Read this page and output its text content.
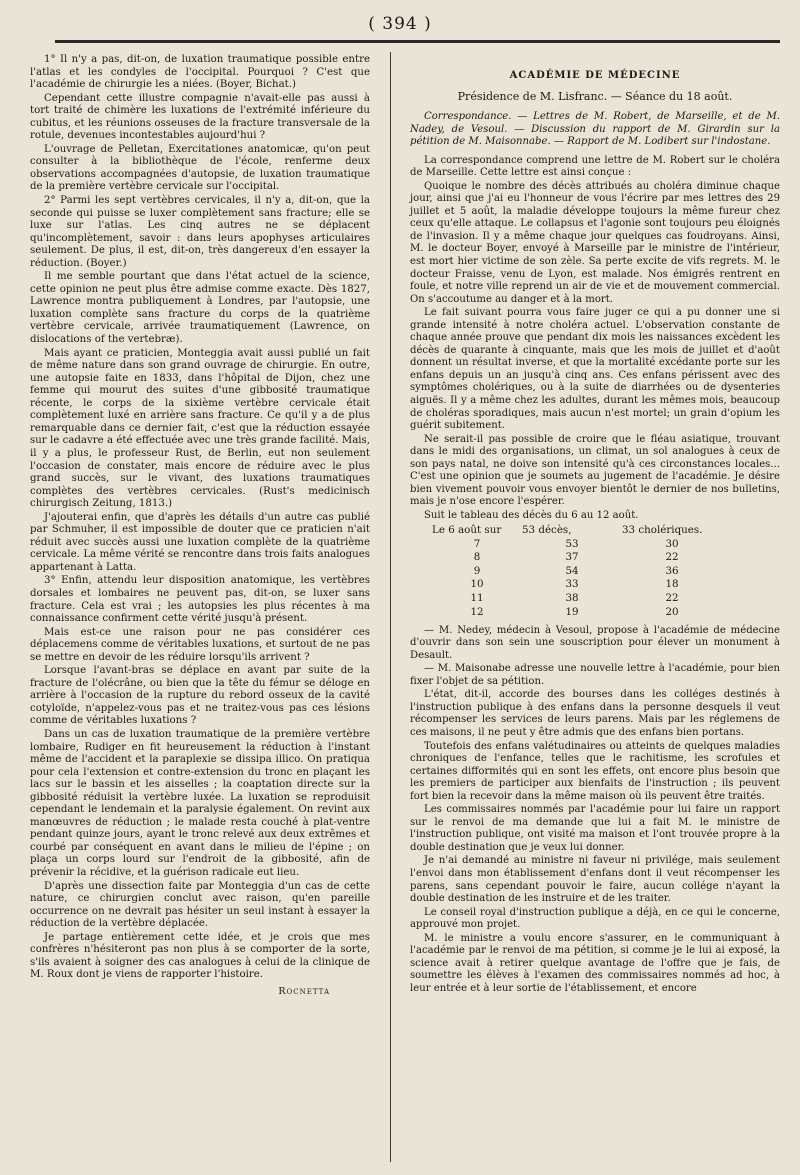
( 394 )

1° Il n'y a pas, dit-on, de luxation traumatique possible entre l'atlas et les condyles de l'occipital. Pourquoi ? C'est que l'académie de chirurgie les a niées. (Boyer, Bichat.)

Cependant cette illustre compagnie n'avait-elle pas aussi à tort traité de chimère les luxations de l'extrémité inférieure du cubitus, et les réunions osseuses de la fracture transversale de la rotule, devenues incontestables aujourd'hui ?

L'ouvrage de Pelletan, Exercitationes anatomicæ, qu'on peut consulter à la bibliothèque de l'école, renferme deux observations accompagnées d'autopsie, de luxation traumatique de la première vertèbre cervicale sur l'occipital.

2° Parmi les sept vertèbres cervicales, il n'y a, dit-on, que la seconde qui puisse se luxer complètement sans fracture; elle se luxe sur l'atlas. Les cinq autres ne se déplacent qu'incomplètement, savoir : dans leurs apophyses articulaires seulement. De plus, il est, dit-on, très dangereux d'en essayer la réduction. (Boyer.)

Il me semble pourtant que dans l'état actuel de la science, cette opinion ne peut plus être admise comme exacte. Dès 1827, Lawrence montra publiquement à Londres, par l'autopsie, une luxation complète sans fracture du corps de la quatrième vertèbre cervicale, arrivée traumatiquement (Lawrence, on dislocations of the vertebræ).

Mais ayant ce praticien, Monteggia avait aussi publié un fait de même nature dans son grand ouvrage de chirurgie. En outre, une autopsie faite en 1833, dans l'hôpital de Dijon, chez une femme qui mourut des suites d'une gibbosité traumatique récente, le corps de la sixième vertèbre cervicale était complètement luxé en arrière sans fracture. Ce qu'il y a de plus remarquable dans ce dernier fait, c'est que la réduction essayée sur le cadavre a été effectuée avec une très grande facilité. Mais, il y a plus, le professeur Rust, de Berlin, eut non seulement l'occasion de constater, mais encore de réduire avec le plus grand succès, sur le vivant, des luxations traumatiques complètes des vertèbres cervicales. (Rust's medicinisch chirurgisch Zeitung, 1813.)

J'ajouterai enfin, que d'après les détails d'un autre cas publié par Schmuher, il est impossible de douter que ce praticien n'ait réduit avec succès aussi une luxation complète de la quatrième cervicale. La même vérité se rencontre dans trois faits analogues appartenant à Latta.

3° Enfin, attendu leur disposition anatomique, les vertèbres dorsales et lombaires ne peuvent pas, dit-on, se luxer sans fracture. Cela est vrai ; les autopsies les plus récentes à ma connaissance confirment cette vérité jusqu'à présent.

Mais est-ce une raison pour ne pas considérer ces déplacemens comme de véritables luxations, et surtout de ne pas se mettre en devoir de les réduire lorsqu'ils arrivent ?

Lorsque l'avant-bras se déplace en avant par suite de la fracture de l'olécrâne, ou bien que la tête du fémur se déloge en arrière à l'occasion de la rupture du rebord osseux de la cavité cotyloïde, n'appelez-vous pas et ne traitez-vous pas ces lésions comme de véritables luxations ?

Dans un cas de luxation traumatique de la première vertèbre lombaire, Rudiger en fit heureusement la réduction à l'instant même de l'accident et la paraplexie se dissipa illico. On pratiqua pour cela l'extension et contre-extension du tronc en plaçant les lacs sur le bassin et les aisselles ; la coaptation directe sur la gibbosité réduisit la vertèbre luxée. La luxation se reproduisit cependant le lendemain et la paralysie également. On revint aux manœuvres de réduction ; le malade resta couché à plat-ventre pendant quinze jours, ayant le tronc relevé aux deux extrêmes et courbé par conséquent en avant dans le milieu de l'épine ; on plaça un corps lourd sur l'endroit de la gibbosité, afin de prévenir la récidive, et la guérison radicale eut lieu.

D'après une dissection faite par Monteggia d'un cas de cette nature, ce chirurgien conclut avec raison, qu'en pareille occurrence on ne devrait pas hésiter un seul instant à essayer la réduction de la vertèbre déplacée.

Je partage entièrement cette idée, et je crois que mes confrères n'hésiteront pas non plus à se comporter de la sorte, s'ils avaient à soigner des cas analogues à celui de la clinique de M. Roux dont je viens de rapporter l'histoire.

Rocnetta
ACADÉMIE DE MÉDECINE
Présidence de M. Lisfranc. — Séance du 18 août.

Correspondance. — Lettres de M. Robert, de Marseille, et de M. Nadey, de Vesoul. — Discussion du rapport de M. Girardin sur la pétition de M. Maisonnabe. — Rapport de M. Lodibert sur l'indostane.

La correspondance comprend une lettre de M. Robert sur le choléra de Marseille. Cette lettre est ainsi conçue :

Quoique le nombre des décès attribués au choléra diminue chaque jour, ainsi que j'ai eu l'honneur de vous l'écrire par mes lettres des 29 juillet et 5 août, la maladie développe toujours la même fureur chez ceux qu'elle attaque. Le collapsus et l'agonie sont toujours peu éloignés de l'invasion. Il y a même chaque jour quelques cas foudroyans. Ainsi, M. le docteur Boyer, envoyé à Marseille par le ministre de l'intérieur, est mort hier victime de son zèle. Sa perte excite de vifs regrets. M. le docteur Fraisse, venu de Lyon, est malade. Nos émigrés rentrent en foule, et notre ville reprend un air de vie et de mouvement commercial. On s'accoutume au danger et à la mort.

Le fait suivant pourra vous faire juger ce qui a pu donner une si grande intensité à notre choléra actuel. L'observation constante de chaque année prouve que pendant dix mois les naissances excèdent les décès de quarante à cinquante, mais que les mois de juillet et d'août donnent un résultat inverse, et que la mortalité excédante porte sur les enfans depuis un an jusqu'à cinq ans. Ces enfans périssent avec des symptômes cholériques, ou à la suite de diarrhées ou de dysenteries aiguës. Il y a même chez les adultes, durant les mêmes mois, beaucoup de choléras sporadiques, mais aucun n'est mortel; un grain d'opium les guérit subitement.

Ne serait-il pas possible de croire que le fléau asiatique, trouvant dans le midi des organisations, un climat, un sol analogues à ceux de son pays natal, ne doive son intensité qu'à ces circonstances locales... C'est une opinion que je soumets au jugement de l'académie. Je désire bien vivement pouvoir vous envoyer bientôt le dernier de nos bulletins, mais je n'ose encore l'espérer.

Suit le tableau des décès du 6 au 12 août.

Le 6 août sur	53 décès,	33 cholériques.
7	53	30
8	37	22
9	54	36
10	33	18
11	38	22
12	19	20

— M. Nedey, médecin à Vesoul, propose à l'académie de médecine d'ouvrir dans son sein une souscription pour élever un monument à Desault.

— M. Maisonabe adresse une nouvelle lettre à l'académie, pour bien fixer l'objet de sa pétition.

L'état, dit-il, accorde des bourses dans les colléges destinés à l'instruction publique à des enfans dans la personne desquels il veut récompenser les services de leurs parens. Mais par les réglemens de ces maisons, il ne peut y être admis que des enfans bien portans.

Toutefois des enfans valétudinaires ou atteints de quelques maladies chroniques de l'enfance, telles que le rachitisme, les scrofules et certaines difformités qui en sont les effets, ont encore plus besoin que les premiers de participer aux bienfaits de l'instruction ; ils peuvent fort bien la recevoir dans la même maison où ils peuvent être traités.

Les commissaires nommés par l'académie pour lui faire un rapport sur le renvoi de ma demande que lui a fait M. le ministre de l'instruction publique, ont visité ma maison et l'ont trouvée propre à la double destination que je veux lui donner.

Je n'ai demandé au ministre ni faveur ni privilége, mais seulement l'envoi dans mon établissement d'enfans dont il veut récompenser les parens, sans cependant pouvoir le faire, aucun collége n'ayant la double destination de les instruire et de les traiter.

Le conseil royal d'instruction publique a déjà, en ce qui le concerne, approuvé mon projet.

M. le ministre a voulu encore s'assurer, en le communiquant à l'académie par le renvoi de ma pétition, si comme je le lui ai exposé, la science avait à retirer quelque avantage de l'offre que je fais, de soumettre les élèves à l'examen des commissaires nommés ad hoc, à leur entrée et à leur sortie de l'établissement, et encore
